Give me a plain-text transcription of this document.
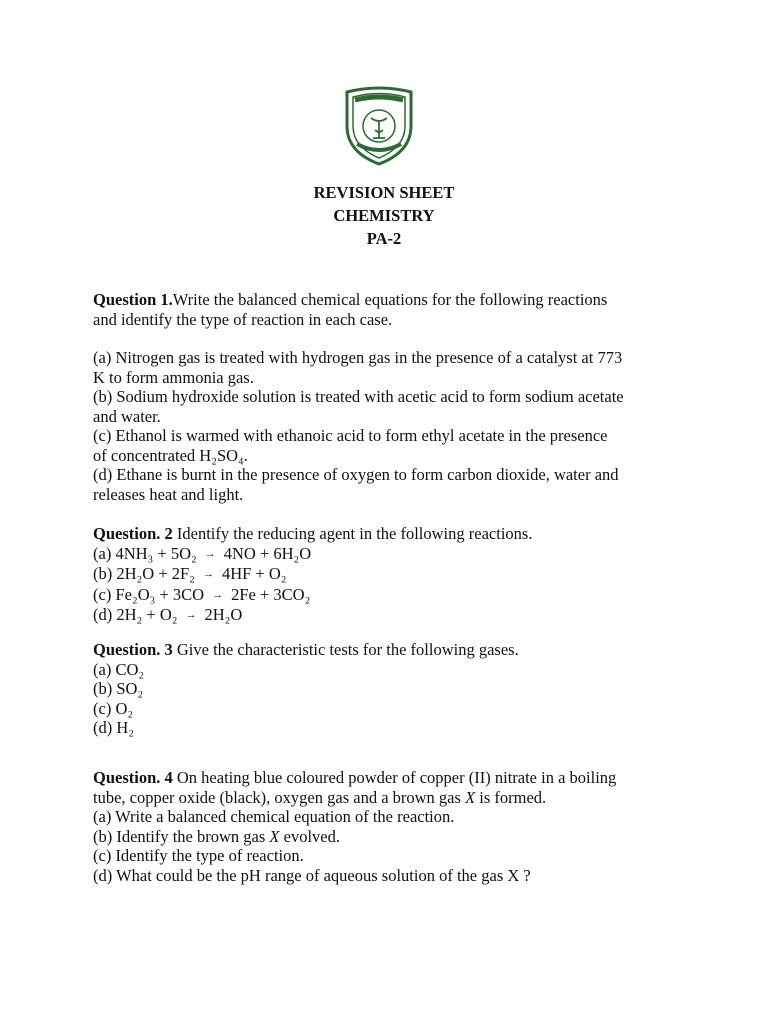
REVISION SHEET
CHEMISTRY
PA-2
Question 1.Write the balanced chemical equations for the following reactions
and identify the type of reaction in each case.
(a) Nitrogen gas is treated with hydrogen gas in the presence of a catalyst at 773
K to form ammonia gas.
(b) Sodium hydroxide solution is treated with acetic acid to form sodium acetate
and water.
(c) Ethanol is warmed with ethanoic acid to form ethyl acetate in the presence
of concentrated H₂SO₄.
(d) Ethane is burnt in the presence of oxygen to form carbon dioxide, water and
releases heat and light.
Question. 2 Identify the reducing agent in the following reactions.
(a) 4NH₃ + 5O₂ → 4NO + 6H₂O
(b) 2H₂O + 2F₂ → 4HF + O₂
(c) Fe₂O₃ + 3CO → 2Fe + 3CO₂
(d) 2H₂ + O₂ → 2H₂O
Question. 3 Give the characteristic tests for the following gases.
(a) CO₂
(b) SO₂
(c) O₂
(d) H₂
Question. 4 On heating blue coloured powder of copper (II) nitrate in a boiling
tube, copper oxide (black), oxygen gas and a brown gas X is formed.
(a) Write a balanced chemical equation of the reaction.
(b) Identify the brown gas X evolved.
(c) Identify the type of reaction.
(d) What could be the pH range of aqueous solution of the gas X ?
